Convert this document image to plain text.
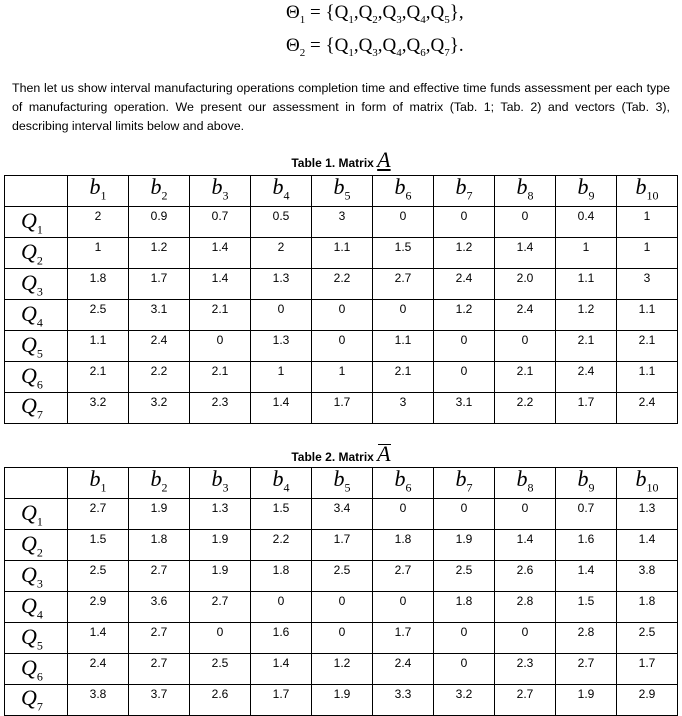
$\Theta_1 = \{Q_1,Q_2,Q_3,Q_4,Q_5\}$,
$\Theta_2 = \{Q_1,Q_3,Q_4,Q_6,Q_7\}$.
Then let us show interval manufacturing operations completion time and effective time funds assessment per each type of manufacturing operation. We present our assessment in form of matrix (Tab. 1; Tab. 2) and vectors (Tab. 3), describing interval limits below and above.
Table 1. Matrix A
	$b_1$	$b_2$	$b_3$	$b_4$	$b_5$	$b_6$	$b_7$	$b_8$	$b_9$	$b_{10}$
$Q_1$	2	0.9	0.7	0.5	3	0	0	0	0.4	1
$Q_2$	1	1.2	1.4	2	1.1	1.5	1.2	1.4	1	1
$Q_3$	1.8	1.7	1.4	1.3	2.2	2.7	2.4	2.0	1.1	3
$Q_4$	2.5	3.1	2.1	0	0	0	1.2	2.4	1.2	1.1
$Q_5$	1.1	2.4	0	1.3	0	1.1	0	0	2.1	2.1
$Q_6$	2.1	2.2	2.1	1	1	2.1	0	2.1	2.4	1.1
$Q_7$	3.2	3.2	2.3	1.4	1.7	3	3.1	2.2	1.7	2.4
Table 2. Matrix A
	$b_1$	$b_2$	$b_3$	$b_4$	$b_5$	$b_6$	$b_7$	$b_8$	$b_9$	$b_{10}$
$Q_1$	2.7	1.9	1.3	1.5	3.4	0	0	0	0.7	1.3
$Q_2$	1.5	1.8	1.9	2.2	1.7	1.8	1.9	1.4	1.6	1.4
$Q_3$	2.5	2.7	1.9	1.8	2.5	2.7	2.5	2.6	1.4	3.8
$Q_4$	2.9	3.6	2.7	0	0	0	1.8	2.8	1.5	1.8
$Q_5$	1.4	2.7	0	1.6	0	1.7	0	0	2.8	2.5
$Q_6$	2.4	2.7	2.5	1.4	1.2	2.4	0	2.3	2.7	1.7
$Q_7$	3.8	3.7	2.6	1.7	1.9	3.3	3.2	2.7	1.9	2.9
